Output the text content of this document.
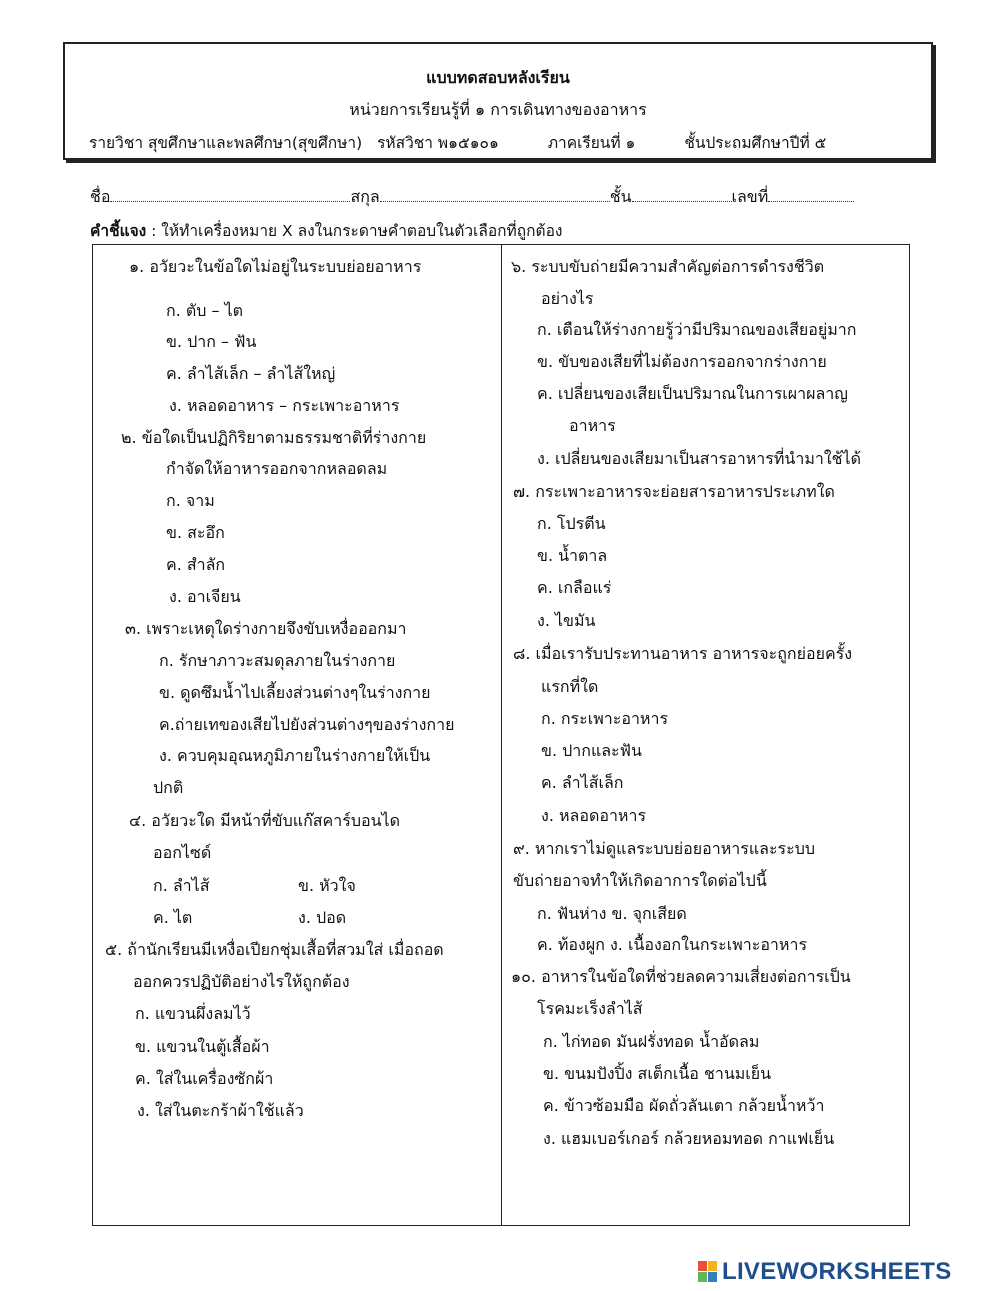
แบบทดสอบหลังเรียน
หน่วยการเรียนรู้ที่ ๑ การเดินทางของอาหาร
รายวิชา สุขศึกษาและพลศึกษา(สุขศึกษา) รหัสวิชา พ๑๕๑๐๑	ภาคเรียนที่ ๑	ชั้นประถมศึกษาปีที่ ๕
ชื่อ	สกุล	ชั้น	เลขที่
คำชี้แจง : ให้ทำเครื่องหมาย X ลงในกระดาษคำตอบในตัวเลือกที่ถูกต้อง
๑. อวัยวะในข้อใดไม่อยู่ในระบบย่อยอาหาร
ก. ตับ – ไต
ข. ปาก – ฟัน
ค. ลำไส้เล็ก – ลำไส้ใหญ่
ง. หลอดอาหาร – กระเพาะอาหาร
๒. ข้อใดเป็นปฏิกิริยาตามธรรมชาติที่ร่างกาย
กำจัดให้อาหารออกจากหลอดลม
ก. จาม
ข. สะอึก
ค. สำลัก
ง. อาเจียน
๓. เพราะเหตุใดร่างกายจึงขับเหงื่อออกมา
ก. รักษาภาวะสมดุลภายในร่างกาย
ข. ดูดซึมน้ำไปเลี้ยงส่วนต่างๆในร่างกาย
ค.ถ่ายเทของเสียไปยังส่วนต่างๆของร่างกาย
ง. ควบคุมอุณหภูมิภายในร่างกายให้เป็น
ปกติ
๔. อวัยวะใด มีหน้าที่ขับแก๊สคาร์บอนได
ออกไซด์
ก. ลำไส้	ข. หัวใจ
ค. ไต	ง. ปอด
๕. ถ้านักเรียนมีเหงื่อเปียกชุ่มเสื้อที่สวมใส่ เมื่อถอด
ออกควรปฏิบัติอย่างไรให้ถูกต้อง
ก. แขวนผึ่งลมไว้
ข. แขวนในตู้เสื้อผ้า
ค. ใส่ในเครื่องซักผ้า
ง. ใส่ในตะกร้าผ้าใช้แล้ว
๖. ระบบขับถ่ายมีความสำคัญต่อการดำรงชีวิต
อย่างไร
ก. เตือนให้ร่างกายรู้ว่ามีปริมาณของเสียอยู่มาก
ข. ขับของเสียที่ไม่ต้องการออกจากร่างกาย
ค. เปลี่ยนของเสียเป็นปริมาณในการเผาผลาญ
อาหาร
ง. เปลี่ยนของเสียมาเป็นสารอาหารที่นำมาใช้ได้
๗. กระเพาะอาหารจะย่อยสารอาหารประเภทใด
ก. โปรตีน
ข. น้ำตาล
ค. เกลือแร่
ง. ไขมัน
๘. เมื่อเรารับประทานอาหาร อาหารจะถูกย่อยครั้ง
แรกที่ใด
ก. กระเพาะอาหาร
ข. ปากและฟัน
ค. ลำไส้เล็ก
ง. หลอดอาหาร
๙. หากเราไม่ดูแลระบบย่อยอาหารและระบบ
ขับถ่ายอาจทำให้เกิดอาการใดต่อไปนี้
ก. ฟันห่าง ข. จุกเสียด
ค. ท้องผูก ง. เนื้องอกในกระเพาะอาหาร
๑๐. อาหารในข้อใดที่ช่วยลดความเสี่ยงต่อการเป็น
โรคมะเร็งลำไส้
ก. ไก่ทอด มันฝรั่งทอด น้ำอัดลม
ข. ขนมปังปิ้ง สเต็กเนื้อ ชานมเย็น
ค. ข้าวซ้อมมือ ผัดถั่วลันเตา กล้วยน้ำหว้า
ง. แฮมเบอร์เกอร์ กล้วยหอมทอด กาแฟเย็น
LIVEWORKSHEETS
